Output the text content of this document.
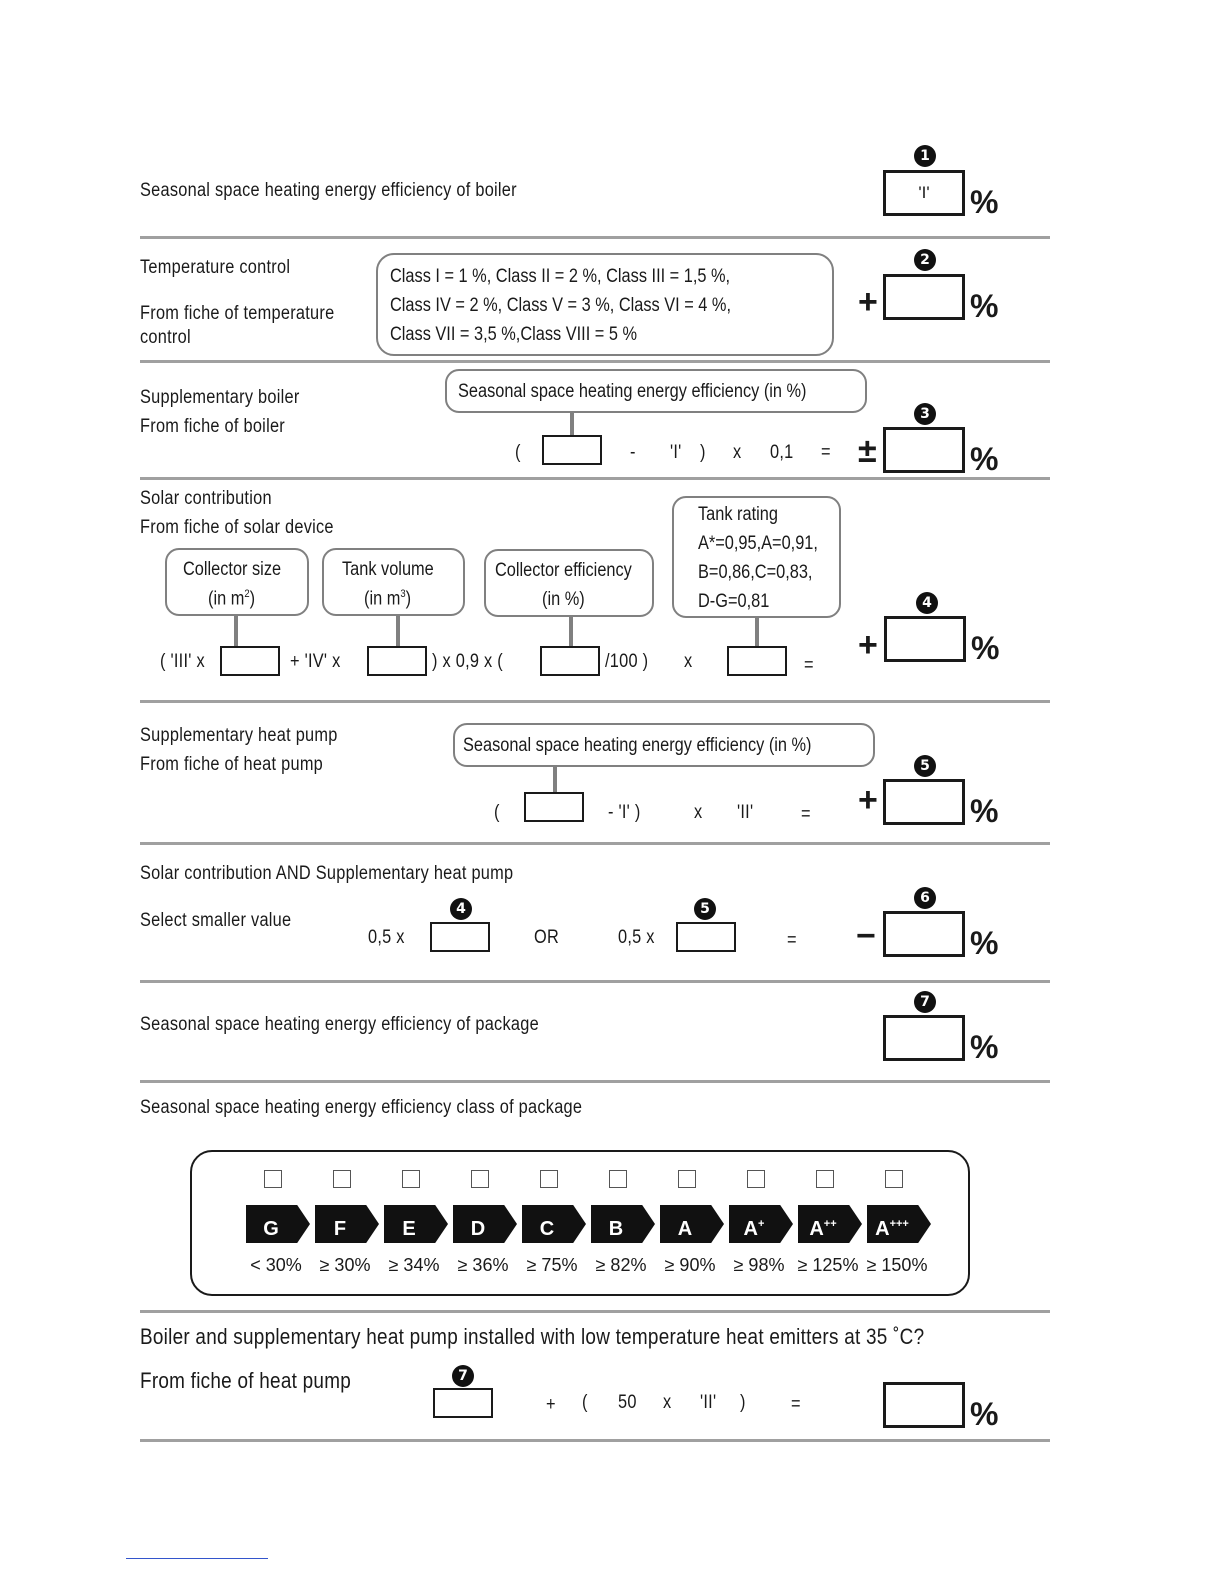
Seasonal space heating energy efficiency of boiler
1
'I'	%
Temperature control
From fiche of temperature
control
Class I = 1 %, Class II = 2 %, Class III = 1,5 %,
Class IV = 2 %, Class V = 3 %, Class VI = 4 %,
Class VII = 3,5 %,Class VIII = 5 %
2
+	%
Supplementary boiler
From fiche of boiler
Seasonal space heating energy efficiency (in %)
(	- 'I' ) x 0,1 =
3
±	%
Solar contribution
From fiche of solar device
Collector size
(in $m^2$)
Tank volume
(in $m^3$)
Collector efficiency
(in %)
Tank rating
A*=0,95,A=0,91,
B=0,86,C=0,83,
D-G=0,81
( 'III' x	+ 'IV' x	) x 0,9 x (	/100 ) x	=
4
+	%
Supplementary heat pump
From fiche of heat pump
Seasonal space heating energy efficiency (in %)
(	- 'I' )	x 'II'	=
5
+	%
Solar contribution AND Supplementary heat pump
Select smaller value
0,5 x
4
OR	0,5 x
5
=
6
−	%
Seasonal space heating energy efficiency of package
7
%
Seasonal space heating energy efficiency class of package
G
< 30%
F
≥ 30%
E
≥ 34%
D
≥ 36%
C
≥ 75%
B
≥ 82%
A
≥ 90%
A+
≥ 98%
A++
≥ 125%
A+++
≥ 150%
Boiler and supplementary heat pump installed with low temperature heat emitters at 35 ˚C?
From fiche of heat pump	7
+ ( 50 x 'II' ) =	%
